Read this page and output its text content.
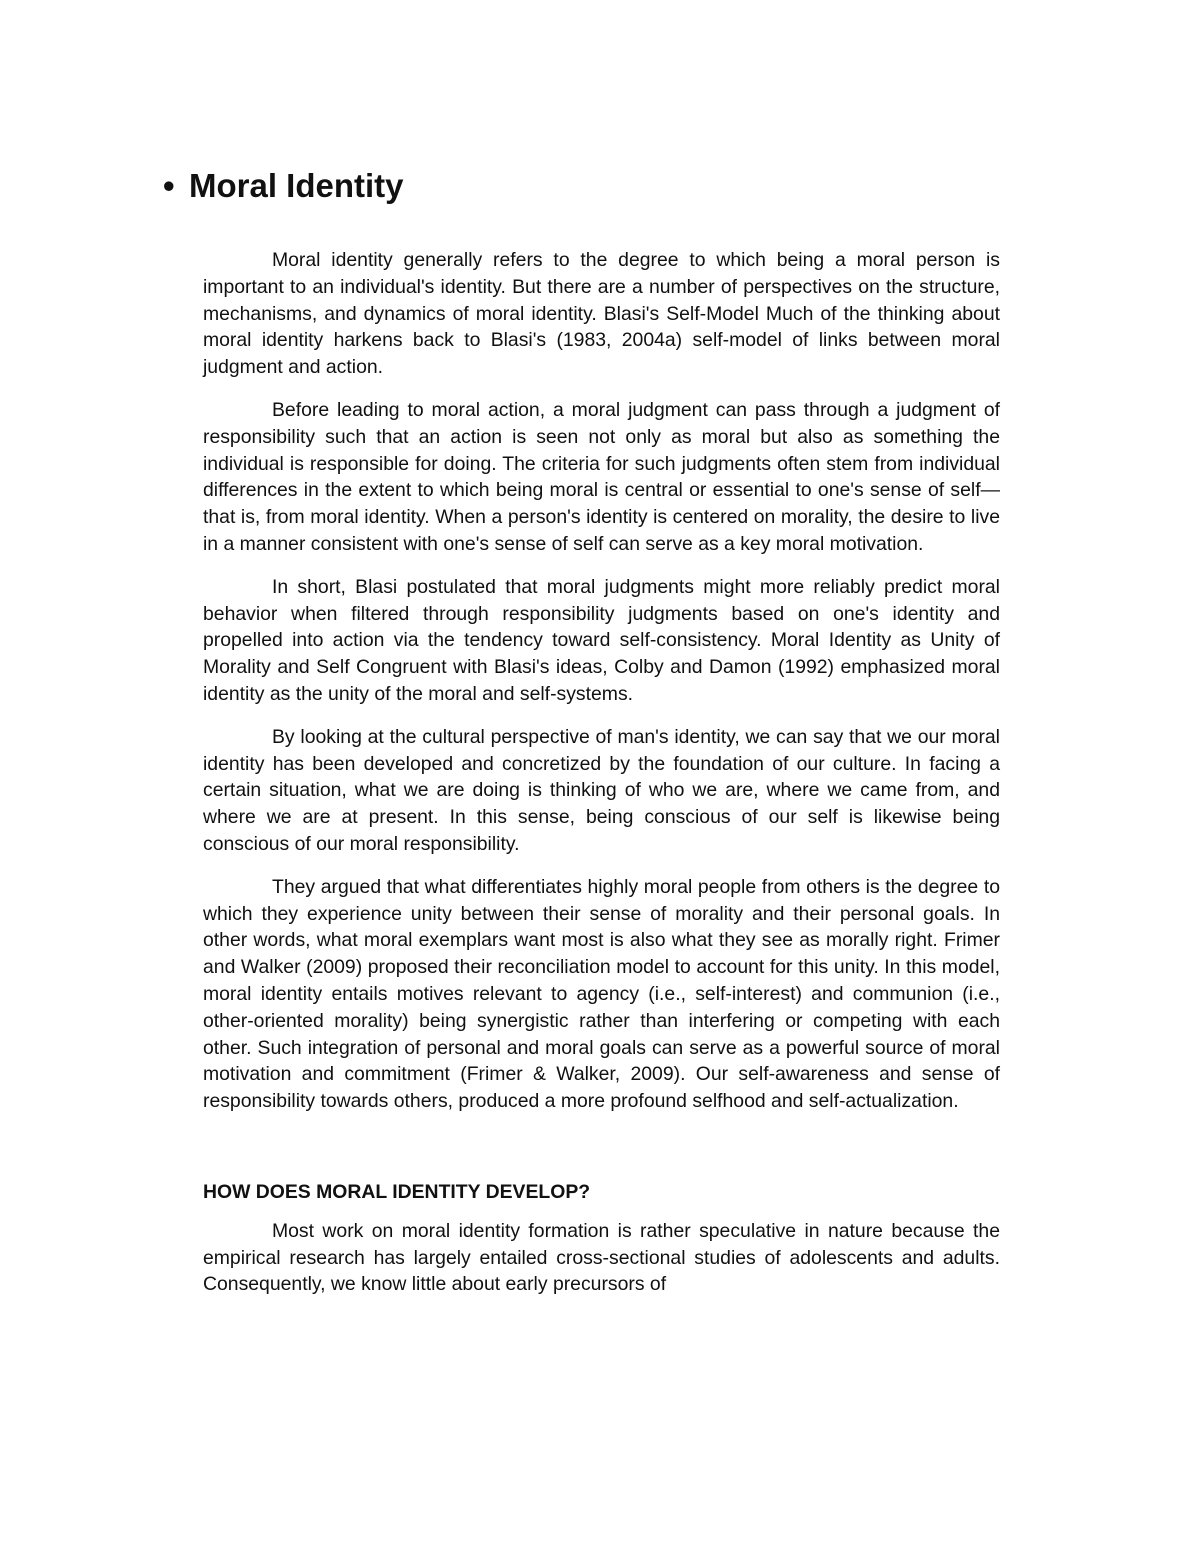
• Moral Identity

Moral identity generally refers to the degree to which being a moral person is important to an individual's identity. But there are a number of perspectives on the structure, mechanisms, and dynamics of moral identity. Blasi's Self-Model Much of the thinking about moral identity harkens back to Blasi's (1983, 2004a) self-model of links between moral judgment and action.

Before leading to moral action, a moral judgment can pass through a judgment of responsibility such that an action is seen not only as moral but also as something the individual is responsible for doing. The criteria for such judgments often stem from individual differences in the extent to which being moral is central or essential to one's sense of self—that is, from moral identity. When a person's identity is centered on morality, the desire to live in a manner consistent with one's sense of self can serve as a key moral motivation.

In short, Blasi postulated that moral judgments might more reliably predict moral behavior when filtered through responsibility judgments based on one's identity and propelled into action via the tendency toward self-consistency. Moral Identity as Unity of Morality and Self Congruent with Blasi's ideas, Colby and Damon (1992) emphasized moral identity as the unity of the moral and self-systems.

By looking at the cultural perspective of man's identity, we can say that we our moral identity has been developed and concretized by the foundation of our culture. In facing a certain situation, what we are doing is thinking of who we are, where we came from, and where we are at present. In this sense, being conscious of our self is likewise being conscious of our moral responsibility.

They argued that what differentiates highly moral people from others is the degree to which they experience unity between their sense of morality and their personal goals. In other words, what moral exemplars want most is also what they see as morally right. Frimer and Walker (2009) proposed their reconciliation model to account for this unity. In this model, moral identity entails motives relevant to agency (i.e., self-interest) and communion (i.e., other-oriented morality) being synergistic rather than interfering or competing with each other. Such integration of personal and moral goals can serve as a powerful source of moral motivation and commitment (Frimer & Walker, 2009). Our self-awareness and sense of responsibility towards others, produced a more profound selfhood and self-actualization.

HOW DOES MORAL IDENTITY DEVELOP?

Most work on moral identity formation is rather speculative in nature because the empirical research has largely entailed cross-sectional studies of adolescents and adults. Consequently, we know little about early precursors of
